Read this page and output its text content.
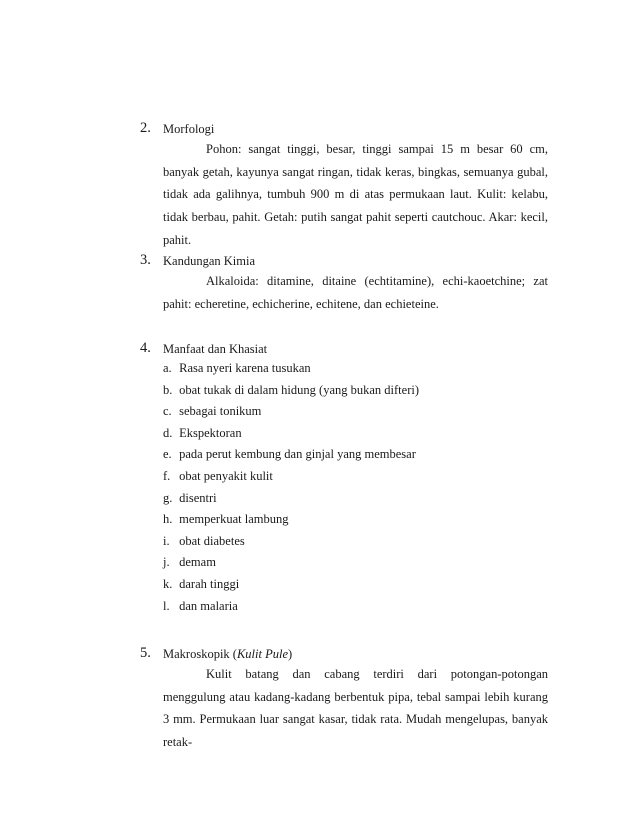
2. Morfologi

Pohon: sangat tinggi, besar, tinggi sampai 15 m besar 60 cm, banyak getah, kayunya sangat ringan, tidak keras, bingkas, semuanya gubal, tidak ada galihnya, tumbuh 900 m di atas permukaan laut. Kulit: kelabu, tidak berbau, pahit. Getah: putih sangat pahit seperti cautchouc. Akar: kecil, pahit.

3. Kandungan Kimia

Alkaloida: ditamine, ditaine (echtitamine), echi-kaoetchine; zat pahit: echeretine, echicherine, echitene, dan echieteine.

4. Manfaat dan Khasiat
a. Rasa nyeri karena tusukan
b. obat tukak di dalam hidung (yang bukan difteri)
c. sebagai tonikum
d. Ekspektoran
e. pada perut kembung dan ginjal yang membesar
f. obat penyakit kulit
g. disentri
h. memperkuat lambung
i. obat diabetes
j. demam
k. darah tinggi
l. dan malaria
5. Makroskopik (Kulit Pule)

Kulit batang dan cabang terdiri dari potongan-potongan menggulung atau kadang-kadang berbentuk pipa, tebal sampai lebih kurang 3 mm. Permukaan luar sangat kasar, tidak rata. Mudah mengelupas, banyak retak-
